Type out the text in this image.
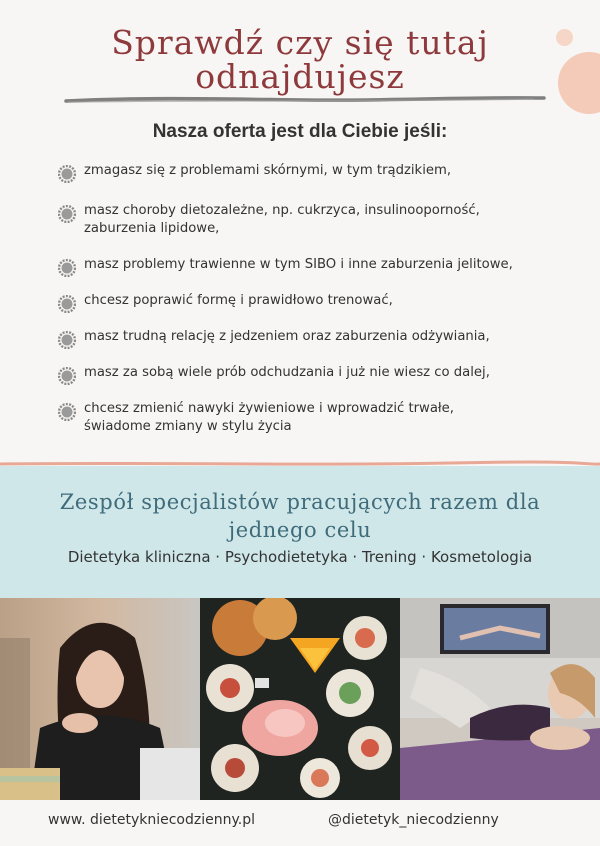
Sprawdź czy się tutaj
odnajdujesz
Nasza oferta jest dla Ciebie jeśli:
zmagasz się z problemami skórnymi, w tym trądzikiem,
masz choroby dietozależne, np. cukrzyca, insulinooporność,
zaburzenia lipidowe,
masz problemy trawienne w tym SIBO i inne zaburzenia jelitowe,
chcesz poprawić formę i prawidłowo trenować,
masz trudną relację z jedzeniem oraz zaburzenia odżywiania,
masz za sobą wiele prób odchudzania i już nie wiesz co dalej,
chcesz zmienić nawyki żywieniowe i wprowadzić trwałe,
świadome zmiany w stylu życia
Zespół specjalistów pracujących razem dla
jednego celu
Dietetyka kliniczna · Psychodietetyka · Trening · Kosmetologia
www. dietetykniecodzienny.pl	@dietetyk_niecodzienny
